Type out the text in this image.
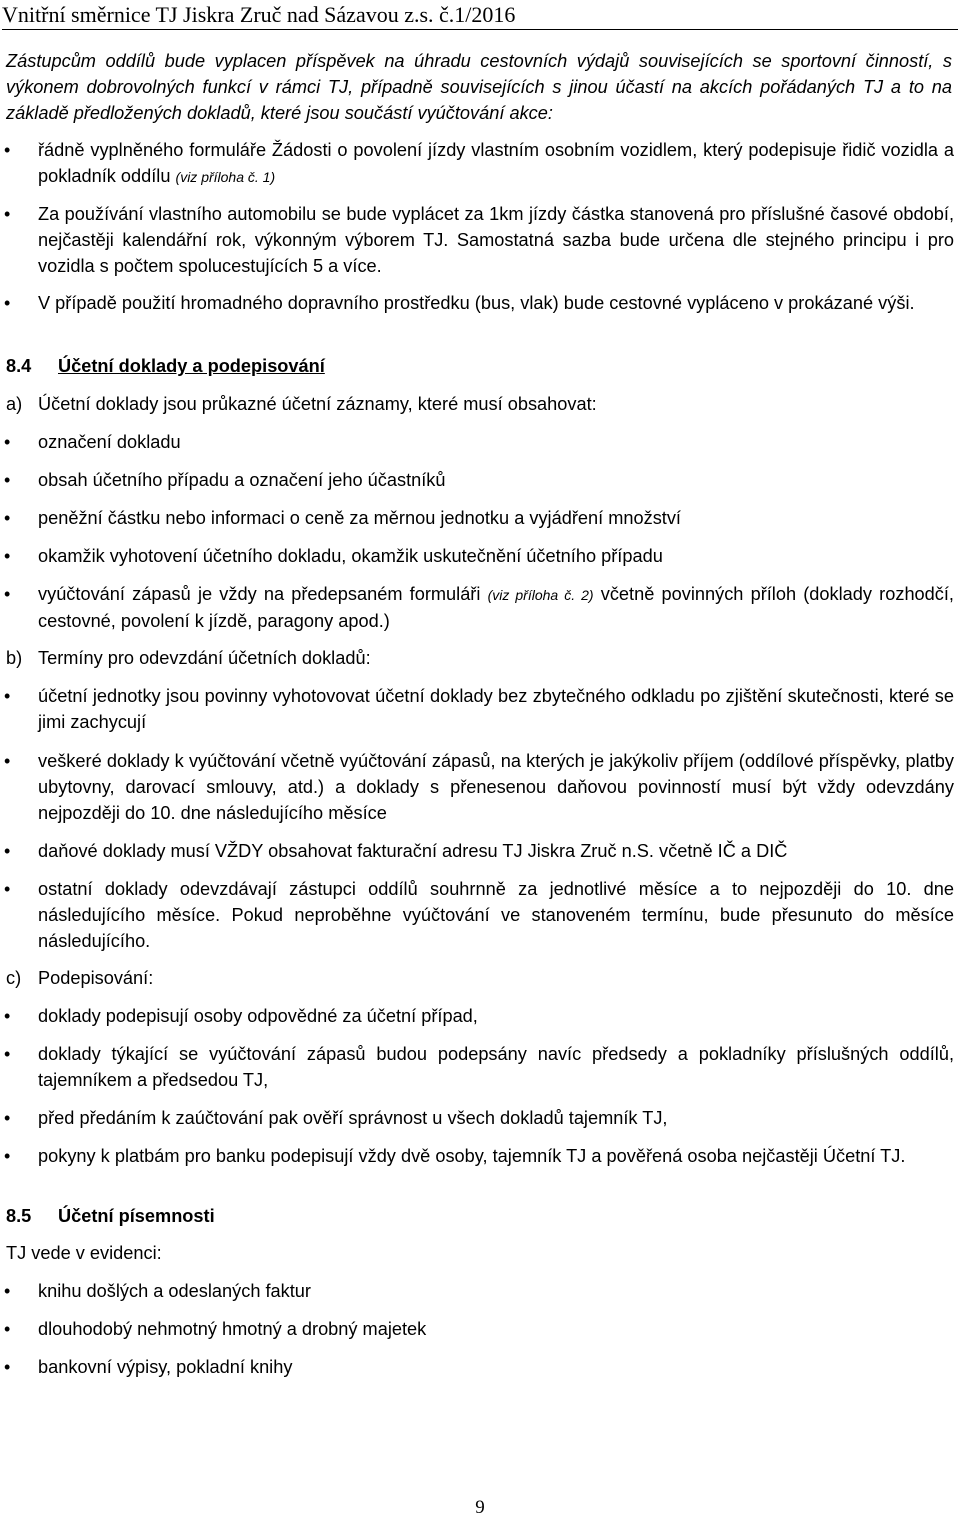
Vnitřní směrnice TJ Jiskra Zruč nad Sázavou z.s. č.1/2016

Zástupcům oddílů bude vyplacen příspěvek na úhradu cestovních výdajů souvisejících se sportovní činností, s výkonem dobrovolných funkcí v rámci TJ, případně souvisejících s jinou účastí na akcích pořádaných TJ a to na základě předložených dokladů, které jsou součástí vyúčtování akce:

• řádně vyplněného formuláře Žádosti o povolení jízdy vlastním osobním vozidlem, který podepisuje řidič vozidla a pokladník oddílu (viz příloha č. 1)
• Za používání vlastního automobilu se bude vyplácet za 1km jízdy částka stanovená pro příslušné časové období, nejčastěji kalendářní rok, výkonným výborem TJ. Samostatná sazba bude určena dle stejného principu i pro vozidla s počtem spolucestujících 5 a více.
• V případě použití hromadného dopravního prostředku (bus, vlak) bude cestovné vypláceno v prokázané výši.
8.4	Účetní doklady a podepisování
a) Účetní doklady jsou průkazné účetní záznamy, které musí obsahovat:
• označení dokladu
• obsah účetního případu a označení jeho účastníků
• peněžní částku nebo informaci o ceně za měrnou jednotku a vyjádření množství
• okamžik vyhotovení účetního dokladu, okamžik uskutečnění účetního případu
• vyúčtování zápasů je vždy na předepsaném formuláři (viz příloha č. 2) včetně povinných příloh (doklady rozhodčí, cestovné, povolení k jízdě, paragony apod.)
b) Termíny pro odevzdání účetních dokladů:
• účetní jednotky jsou povinny vyhotovovat účetní doklady bez zbytečného odkladu po zjištění skutečnosti, které se jimi zachycují
• veškeré doklady k vyúčtování včetně vyúčtování zápasů, na kterých je jakýkoliv příjem (oddílové příspěvky, platby ubytovny, darovací smlouvy, atd.) a doklady s přenesenou daňovou povinností musí být vždy odevzdány nejpozději do 10. dne následujícího měsíce
• daňové doklady musí VŽDY obsahovat fakturační adresu TJ Jiskra Zruč n.S. včetně IČ a DIČ
• ostatní doklady odevzdávají zástupci oddílů souhrnně za jednotlivé měsíce a to nejpozději do 10. dne následujícího měsíce. Pokud neproběhne vyúčtování ve stanoveném termínu, bude přesunuto do měsíce následujícího.
c) Podepisování:
• doklady podepisují osoby odpovědné za účetní případ,
• doklady týkající se vyúčtování zápasů budou podepsány navíc předsedy a pokladníky příslušných oddílů, tajemníkem a předsedou TJ,
• před předáním k zaúčtování pak ověří správnost u všech dokladů tajemník TJ,
• pokyny k platbám pro banku podepisují vždy dvě osoby, tajemník TJ a pověřená osoba nejčastěji Účetní TJ.
8.5	Účetní písemnosti
TJ vede v evidenci:
• knihu došlých a odeslaných faktur
• dlouhodobý nehmotný hmotný a drobný majetek
• bankovní výpisy, pokladní knihy
9
